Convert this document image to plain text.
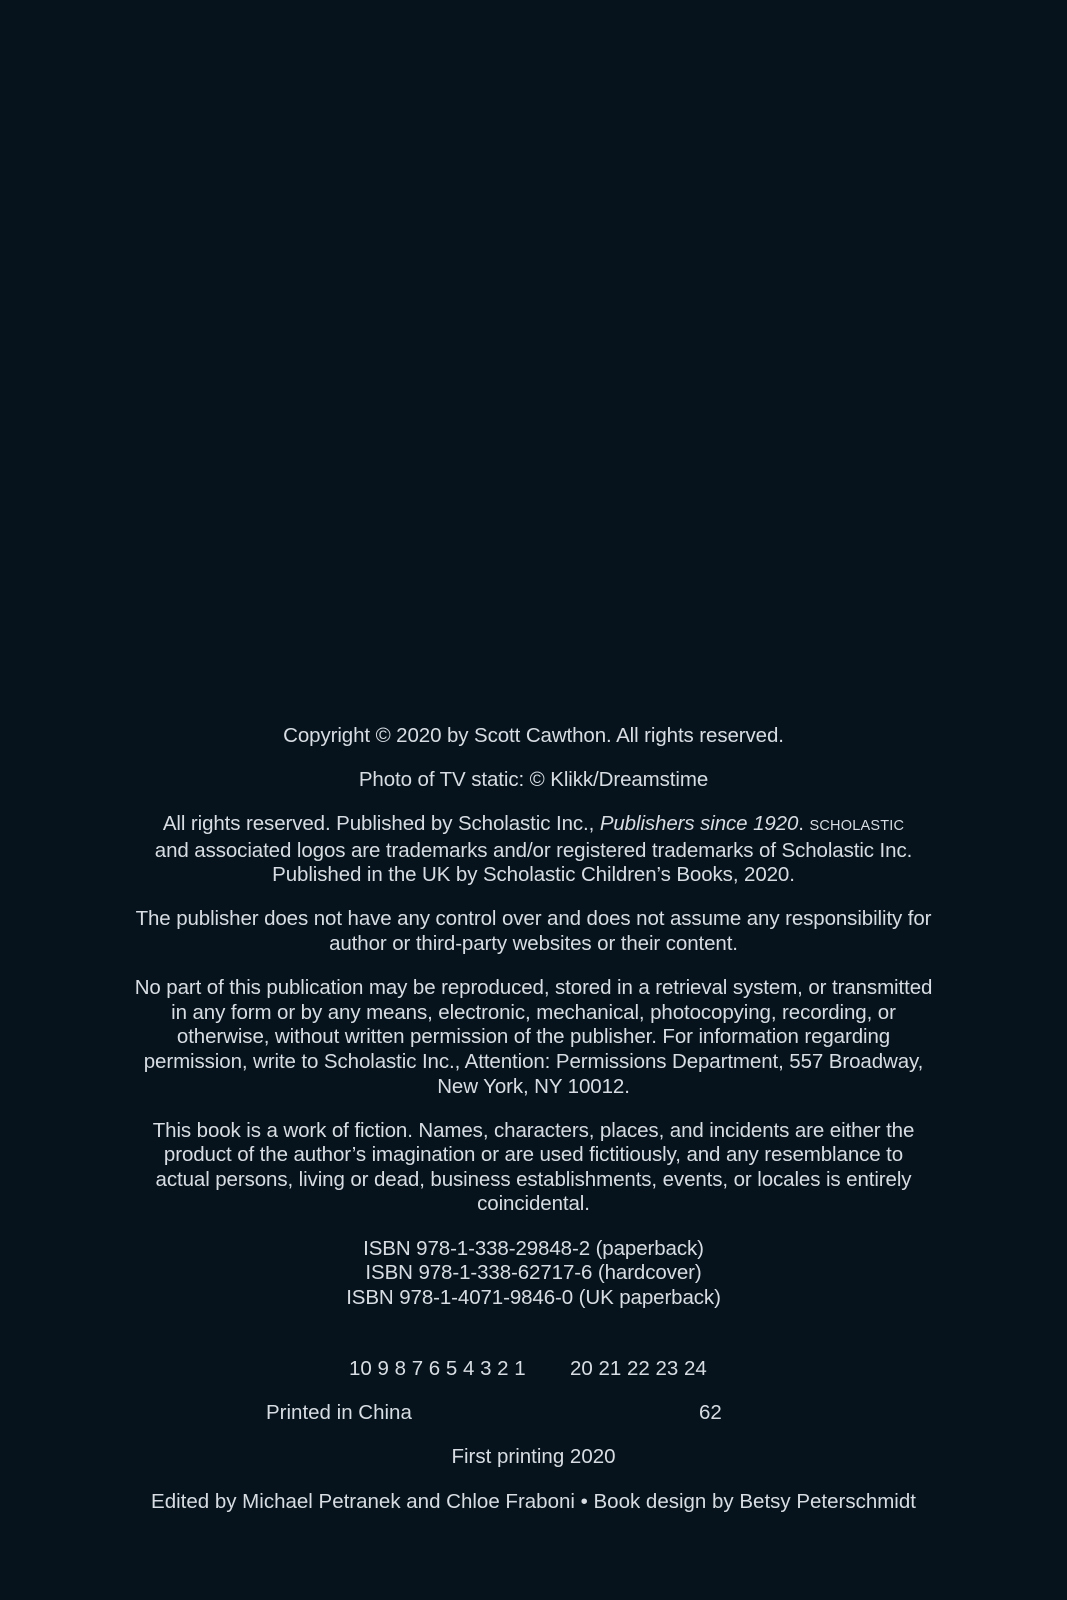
Copyright © 2020 by Scott Cawthon. All rights reserved.

Photo of TV static: © Klikk/Dreamstime

All rights reserved. Published by Scholastic Inc., Publishers since 1920. SCHOLASTIC
and associated logos are trademarks and/or registered trademarks of Scholastic Inc.
Published in the UK by Scholastic Children’s Books, 2020.

The publisher does not have any control over and does not assume any responsibility for
author or third-party websites or their content.

No part of this publication may be reproduced, stored in a retrieval system, or transmitted
in any form or by any means, electronic, mechanical, photocopying, recording, or
otherwise, without written permission of the publisher. For information regarding
permission, write to Scholastic Inc., Attention: Permissions Department, 557 Broadway,
New York, NY 10012.

This book is a work of fiction. Names, characters, places, and incidents are either the
product of the author’s imagination or are used fictitiously, and any resemblance to
actual persons, living or dead, business establishments, events, or locales is entirely
coincidental.

ISBN 978-1-338-29848-2 (paperback)
ISBN 978-1-338-62717-6 (hardcover)
ISBN 978-1-4071-9846-0 (UK paperback)

10 9 8 7 6 5 4 3 2 1 20 21 22 23 24
Printed in China	62
First printing 2020
Edited by Michael Petranek and Chloe Fraboni • Book design by Betsy Peterschmidt
